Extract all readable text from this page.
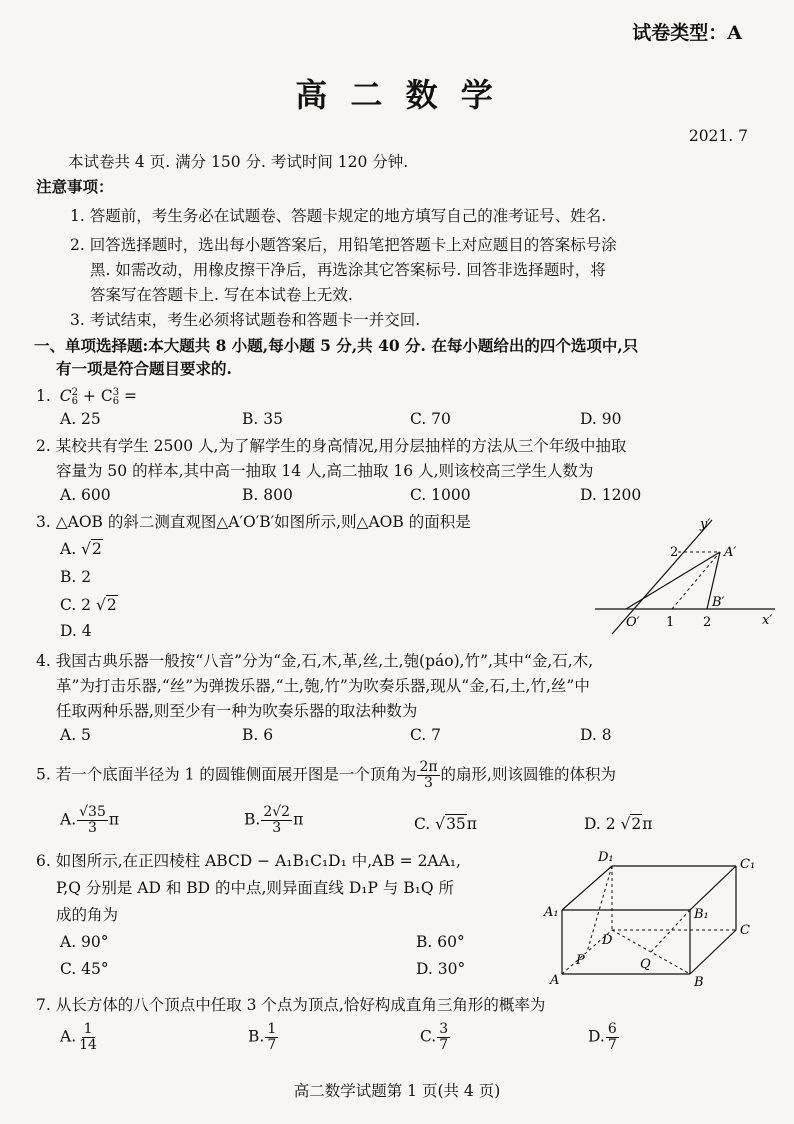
试卷类型：A
高 二 数 学
2021. 7
本试卷共 4 页. 满分 150 分. 考试时间 120 分钟.
注意事项：
1. 答题前，考生务必在试题卷、答题卡规定的地方填写自己的准考证号、姓名.
2. 回答选择题时，选出每小题答案后，用铅笔把答题卡上对应题目的答案标号涂
黑. 如需改动，用橡皮擦干净后，再选涂其它答案标号. 回答非选择题时，将
答案写在答题卡上. 写在本试卷上无效.
3. 考试结束，考生必须将试题卷和答题卡一并交回.
一、单项选择题:本大题共 8 小题,每小题 5 分,共 40 分. 在每小题给出的四个选项中,只
有一项是符合题目要求的.
1. C 2
6 + C 3
6 =
A. 25	B. 35	C. 70	D. 90
2. 某校共有学生 2500 人,为了解学生的身高情况,用分层抽样的方法从三个年级中抽取
容量为 50 的样本,其中高一抽取 14 人,高二抽取 16 人,则该校高三学生人数为
A. 600	B. 800	C. 1000	D. 1200
3. △AOB 的斜二测直观图△A′O′B′如图所示,则△AOB 的面积是
A. √2
B. 2
C. 2 √2
D. 4
y′
x′
A′
B′
O′ 1 2
2
4. 我国古典乐器一般按“八音”分为“金,石,木,革,丝,土,匏(páo),竹”,其中“金,石,木,
革”为打击乐器,“丝”为弹拨乐器,“土,匏,竹”为吹奏乐器,现从“金,石,土,竹,丝”中
任取两种乐器,则至少有一种为吹奏乐器的取法种数为
A. 5	B. 6	C. 7	D. 8
5. 若一个底面半径为 1 的圆锥侧面展开图是一个顶角为 $\frac{2\pi}{3}$ 的扇形,则该圆锥的体积为
A. $\frac{√35}{3}$ π	B. $\frac{2√2}{3}$ π	C. √35π	D. 2 √2π
6. 如图所示,在正四棱柱 ABCD − A₁B₁C₁D₁ 中,AB = 2AA₁,
P,Q 分别是 AD 和 BD 的中点,则异面直线 D₁P 与 B₁Q 所
成的角为
A. 90°	B. 60°
C. 45°	D. 30°
D₁	C₁
A₁	B₁
C
D
A	B
P	Q
7. 从长方体的八个顶点中任取 3 个点为顶点,恰好构成直角三角形的概率为
A. $\frac{1}{14}$	B. $\frac{1}{7}$	C. $\frac{3}{7}$	D. $\frac{6}{7}$
高二数学试题第 1 页(共 4 页)
